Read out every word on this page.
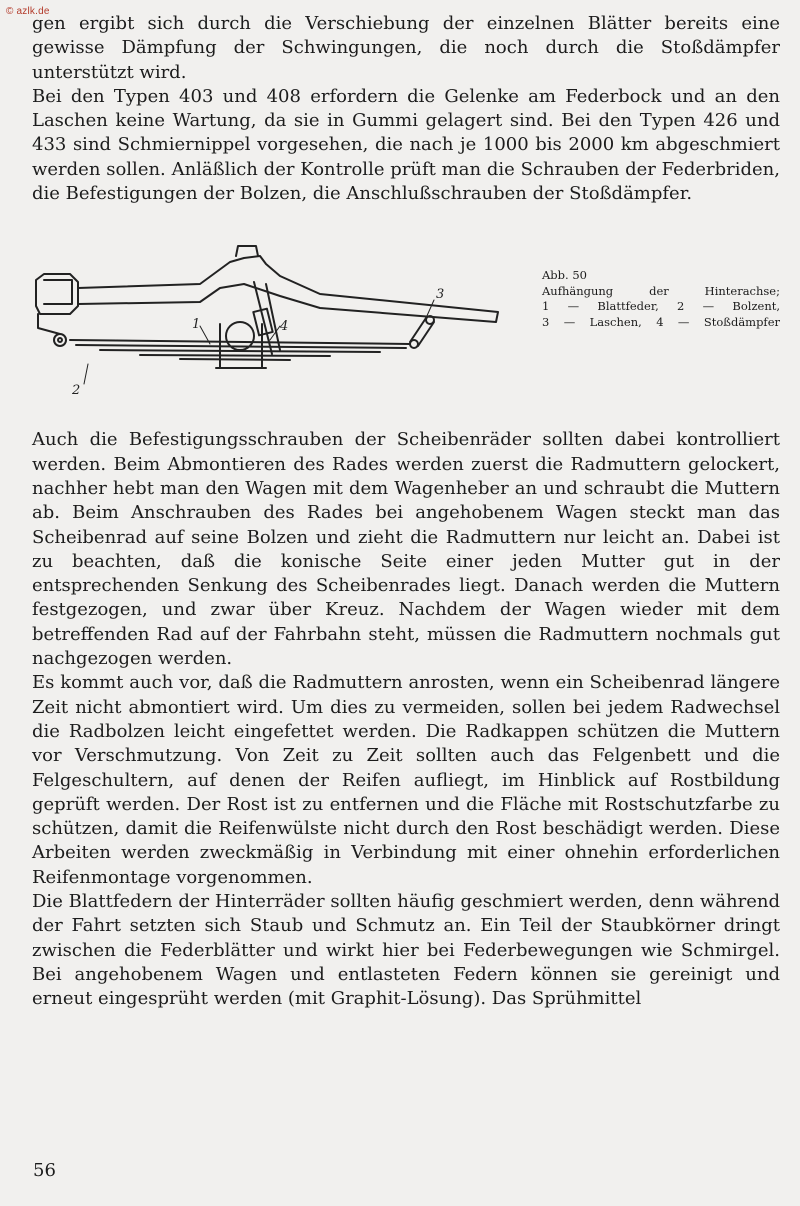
© azlk.de

gen ergibt sich durch die Verschiebung der einzelnen Blätter bereits eine gewisse Dämpfung der Schwingungen, die noch durch die Stoßdämpfer unterstützt wird.

Bei den Typen 403 und 408 erfordern die Gelenke am Federbock und an den Laschen keine Wartung, da sie in Gummi gelagert sind. Bei den Typen 426 und 433 sind Schmiernippel vorgesehen, die nach je 1000 bis 2000 km abgeschmiert werden sollen. Anläßlich der Kontrolle prüft man die Schrauben der Federbriden, die Befestigungen der Bolzen, die Anschlußschrauben der Stoßdämpfer.

1
2
3
4
Abb. 50
Aufhängung der Hinterachse;
1 — Blattfeder, 2 — Bolzent,
3 — Laschen, 4 — Stoßdämpfer

Auch die Befestigungsschrauben der Scheibenräder sollten dabei kontrolliert werden. Beim Abmontieren des Rades werden zuerst die Radmuttern gelockert, nachher hebt man den Wagen mit dem Wagenheber an und schraubt die Muttern ab. Beim Anschrauben des Rades bei angehobenem Wagen steckt man das Scheibenrad auf seine Bolzen und zieht die Radmuttern nur leicht an. Dabei ist zu beachten, daß die konische Seite einer jeden Mutter gut in der entsprechenden Senkung des Scheibenrades liegt. Danach werden die Muttern festgezogen, und zwar über Kreuz. Nachdem der Wagen wieder mit dem betreffenden Rad auf der Fahrbahn steht, müssen die Radmuttern nochmals gut nachgezogen werden.

Es kommt auch vor, daß die Radmuttern anrosten, wenn ein Scheibenrad längere Zeit nicht abmontiert wird. Um dies zu vermeiden, sollen bei jedem Radwechsel die Radbolzen leicht eingefettet werden. Die Radkappen schützen die Muttern vor Verschmutzung. Von Zeit zu Zeit sollten auch das Felgenbett und die Felgeschultern, auf denen der Reifen aufliegt, im Hinblick auf Rostbildung geprüft werden. Der Rost ist zu entfernen und die Fläche mit Rostschutzfarbe zu schützen, damit die Reifenwülste nicht durch den Rost beschädigt werden. Diese Arbeiten werden zweckmäßig in Verbindung mit einer ohnehin erforderlichen Reifenmontage vorgenommen.

Die Blattfedern der Hinterräder sollten häufig geschmiert werden, denn während der Fahrt setzten sich Staub und Schmutz an. Ein Teil der Staubkörner dringt zwischen die Federblätter und wirkt hier bei Federbewegungen wie Schmirgel. Bei angehobenem Wagen und entlasteten Federn können sie gereinigt und erneut eingesprüht werden (mit Graphit-Lösung). Das Sprühmittel

56
